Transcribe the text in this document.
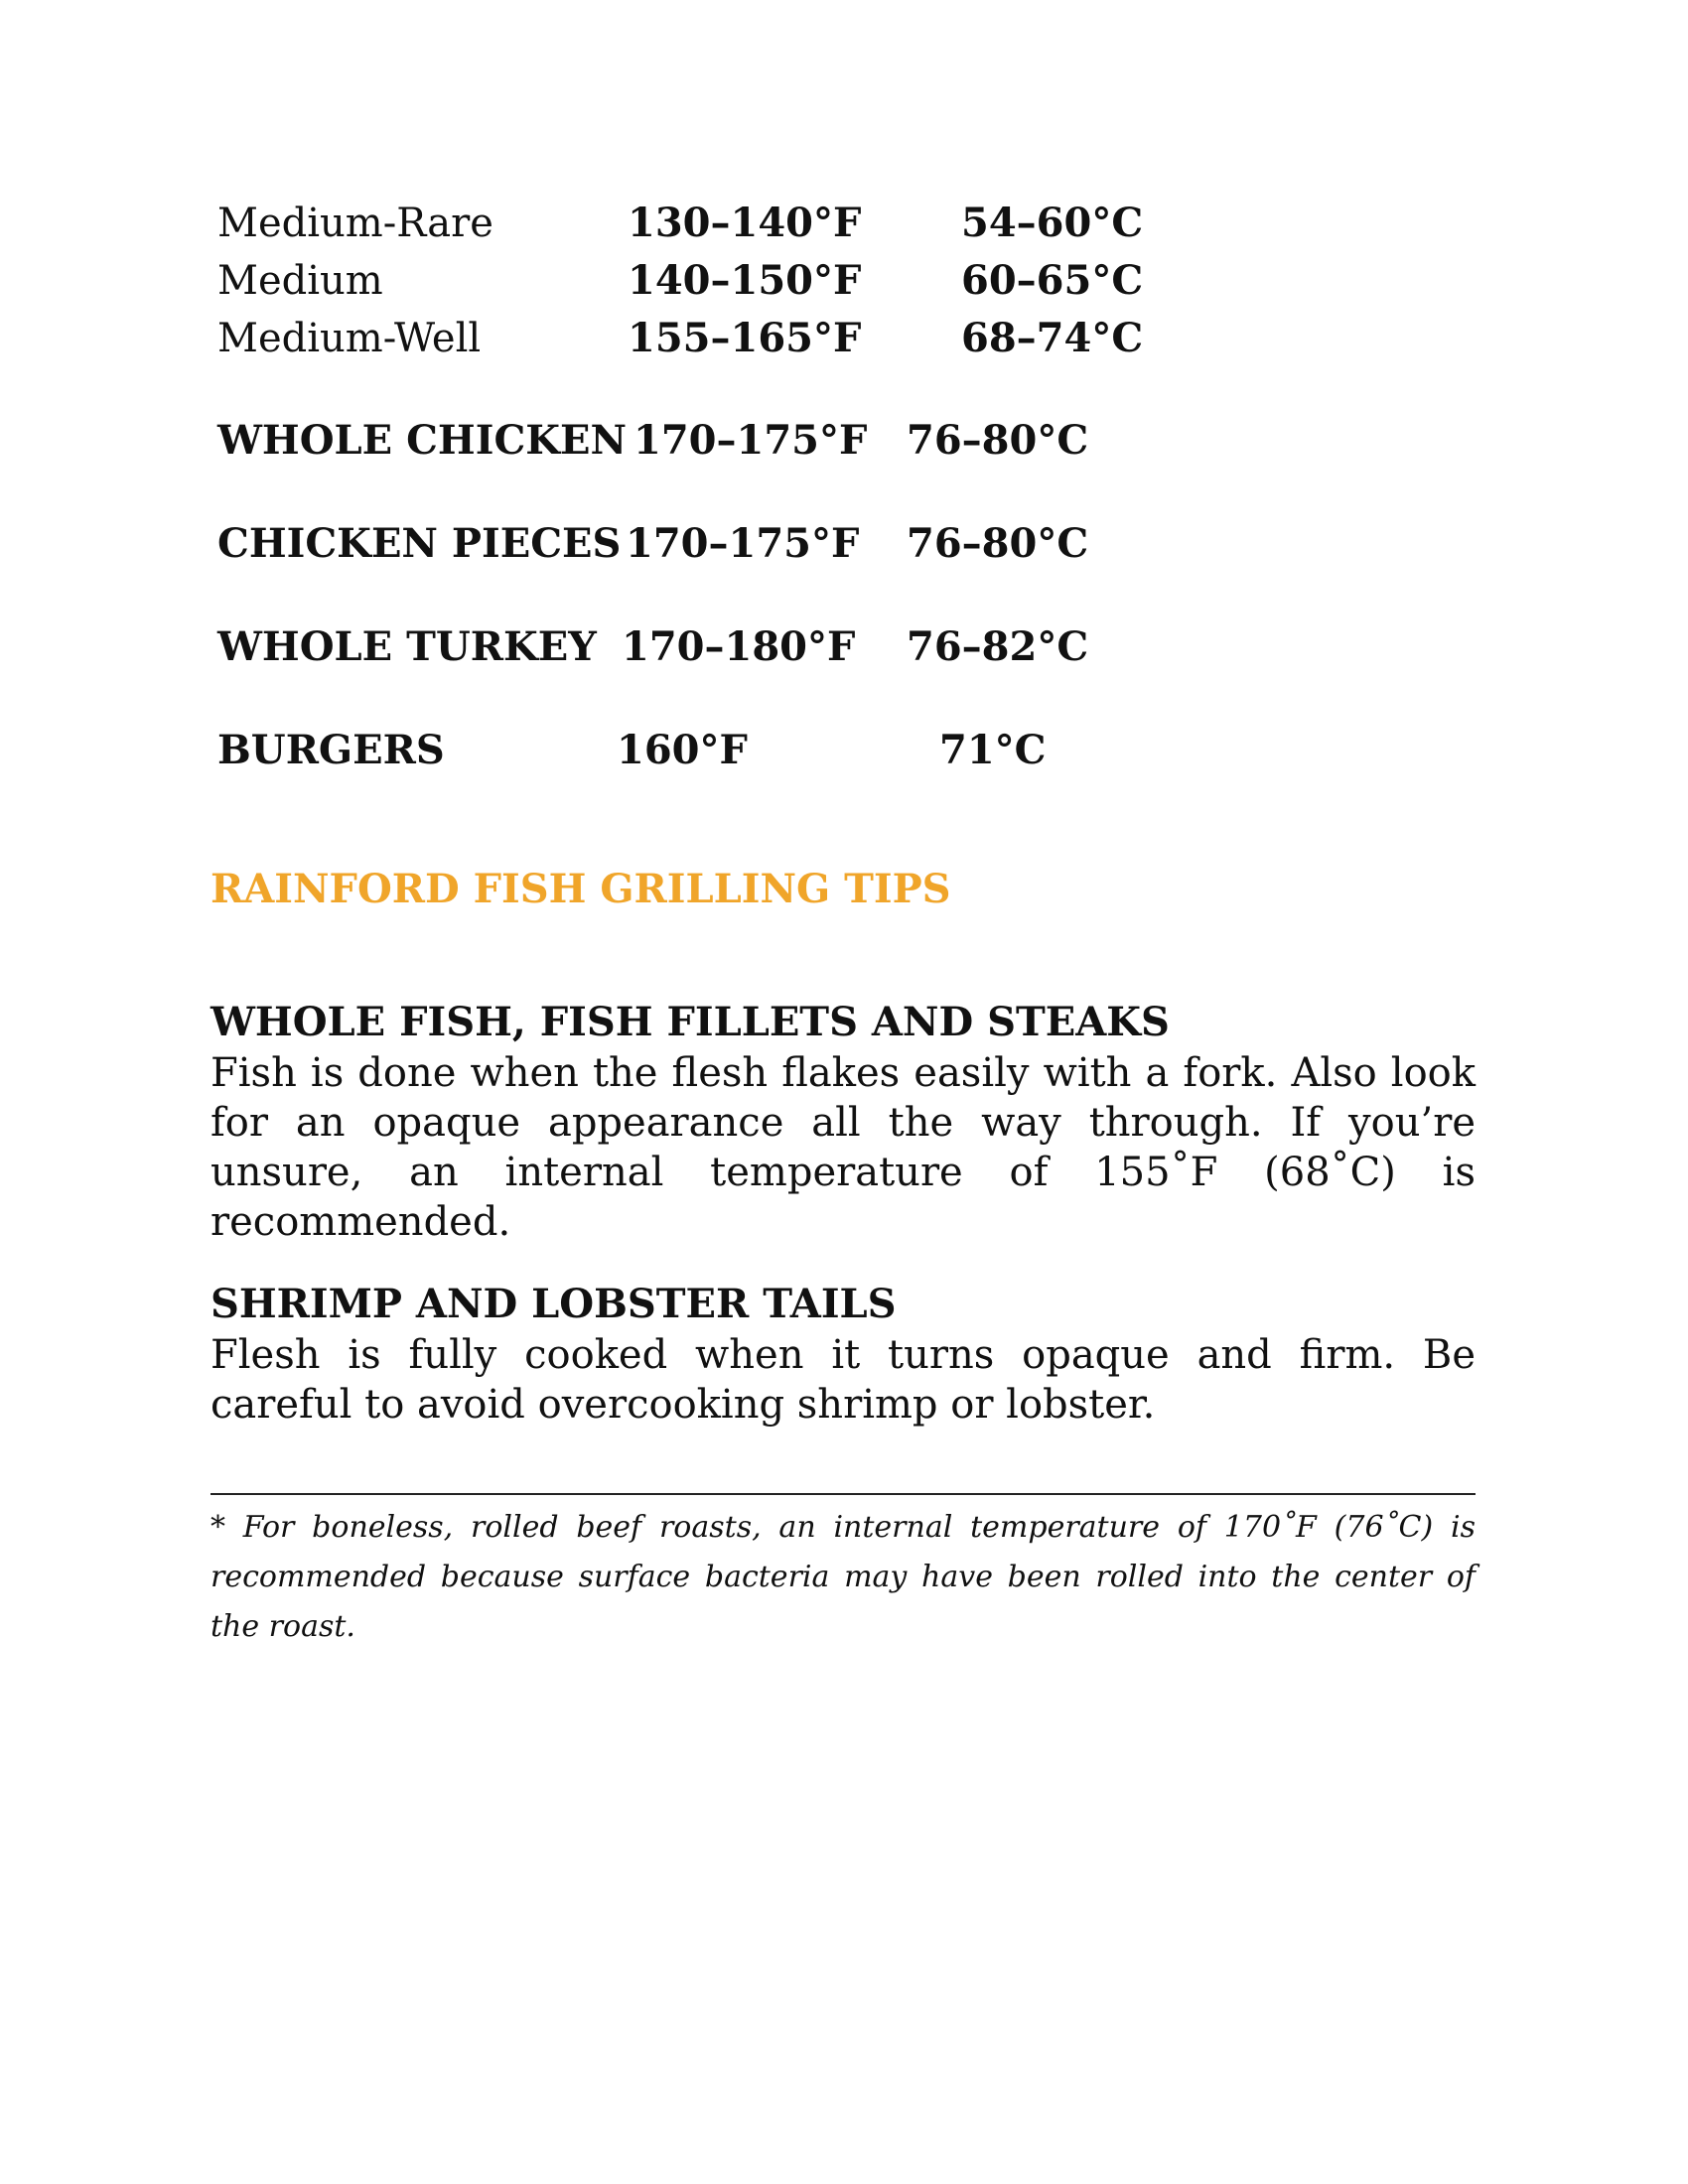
Medium-Rare	130–140°F	54–60°C
Medium	140–150°F	60–65°C
Medium-Well	155–165°F	68–74°C
WHOLE CHICKEN 170–175°F 76–80°C
CHICKEN PIECES 170–175°F 76–80°C
WHOLE TURKEY 170–180°F 76–82°C
BURGERS	160°F	71°C
RAINFORD FISH GRILLING TIPS
WHOLE FISH, FISH FILLETS AND STEAKS
Fish is done when the flesh flakes easily with a fork. Also look for an opaque appearance all the way through. If you’re unsure, an internal temperature of 155˚F (68˚C) is recommended.
SHRIMP AND LOBSTER TAILS
Flesh is fully cooked when it turns opaque and firm. Be careful to avoid overcooking shrimp or lobster.
* For boneless, rolled beef roasts, an internal temperature of 170˚F (76˚C) is recommended because surface bacteria may have been rolled into the center of the roast.
